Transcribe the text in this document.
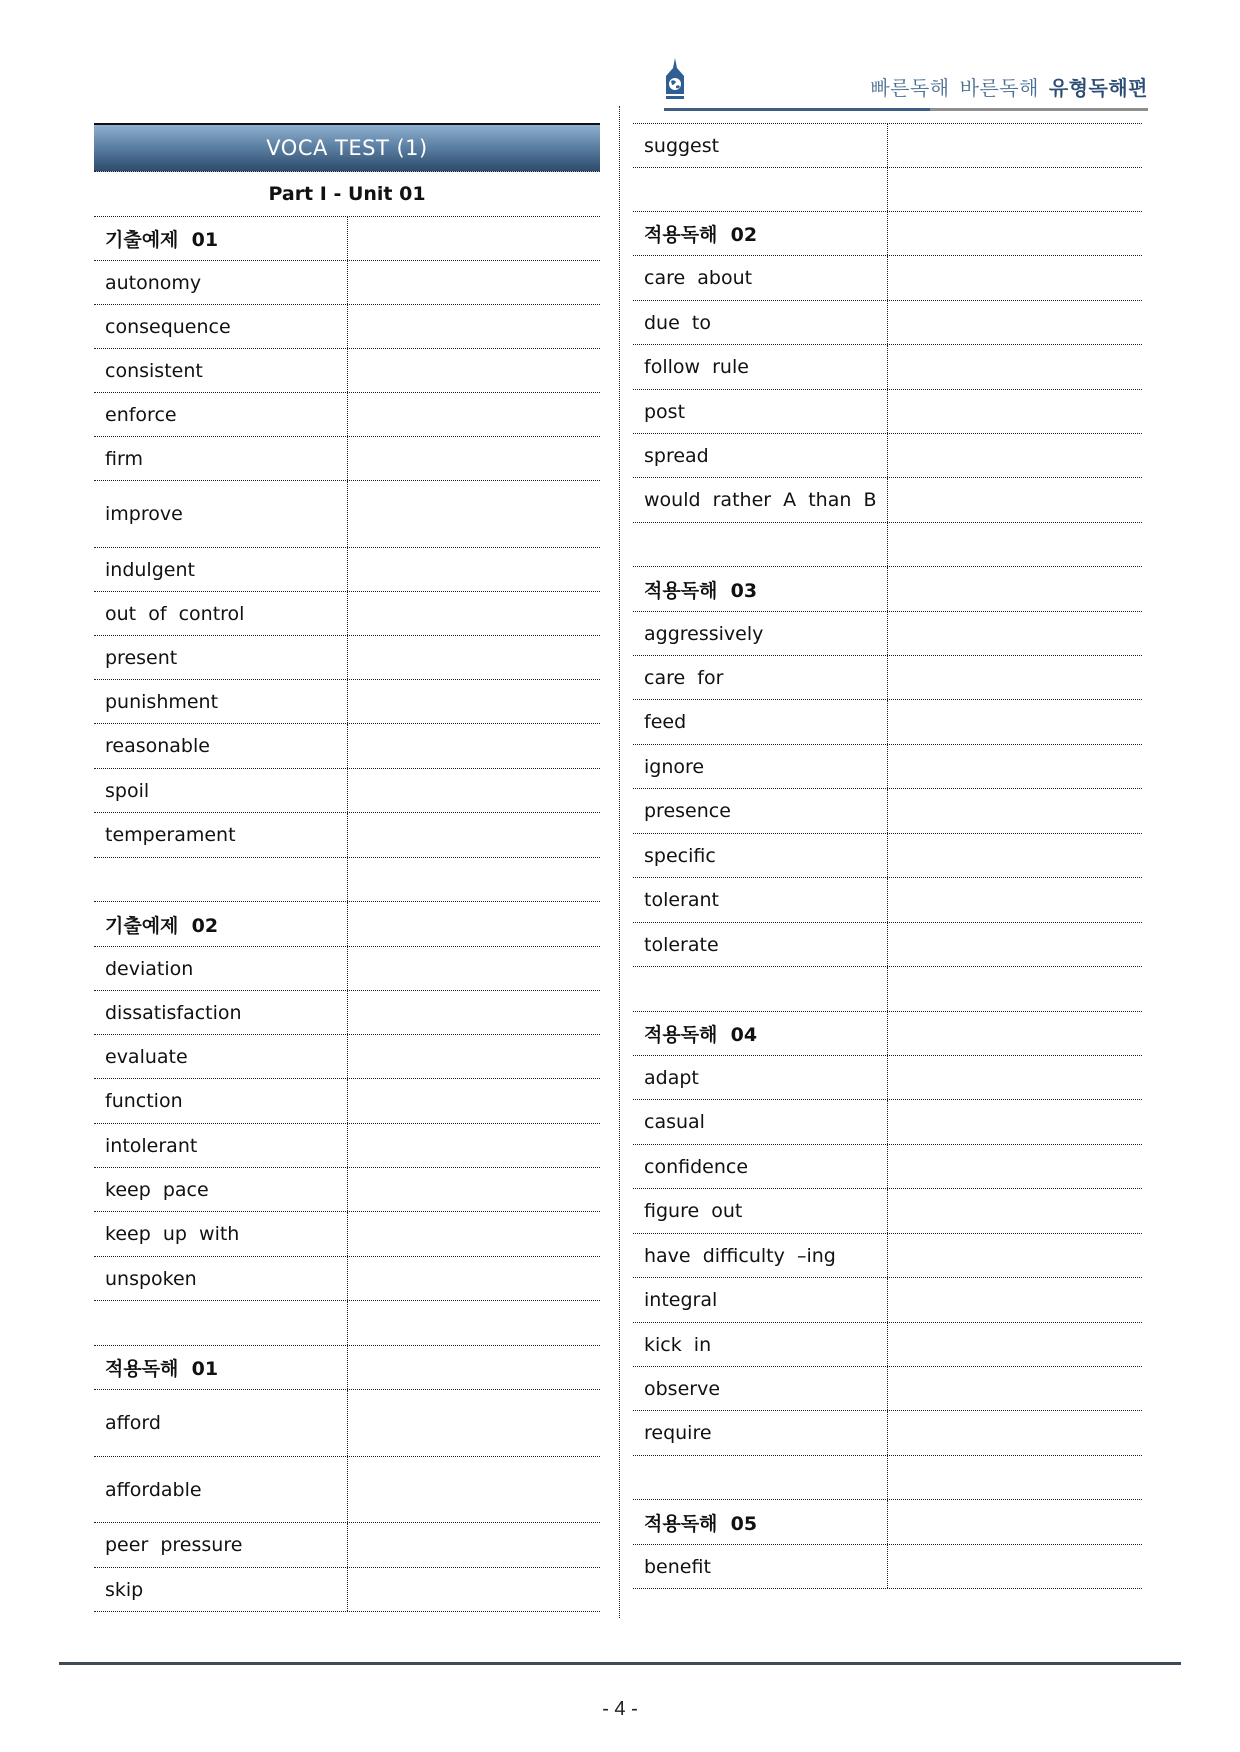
빠른독해 바른독해 유형독해편
VOCA TEST (1)
Part I - Unit 01
기출예제  01
autonomy
consequence
consistent
enforce
firm
improve
indulgent
out  of  control
present
punishment
reasonable
spoil
temperament
기출예제  02
deviation
dissatisfaction
evaluate
function
intolerant
keep  pace
keep  up  with
unspoken
적용독해  01
afford
affordable
peer  pressure
skip
suggest
적용독해  02
care  about
due  to
follow  rule
post
spread
would  rather  A  than  B
적용독해  03
aggressively
care  for
feed
ignore
presence
specific
tolerant
tolerate
적용독해  04
adapt
casual
confidence
figure  out
have  difficulty  –ing
integral
kick  in
observe
require
적용독해  05
benefit
- 4 -
